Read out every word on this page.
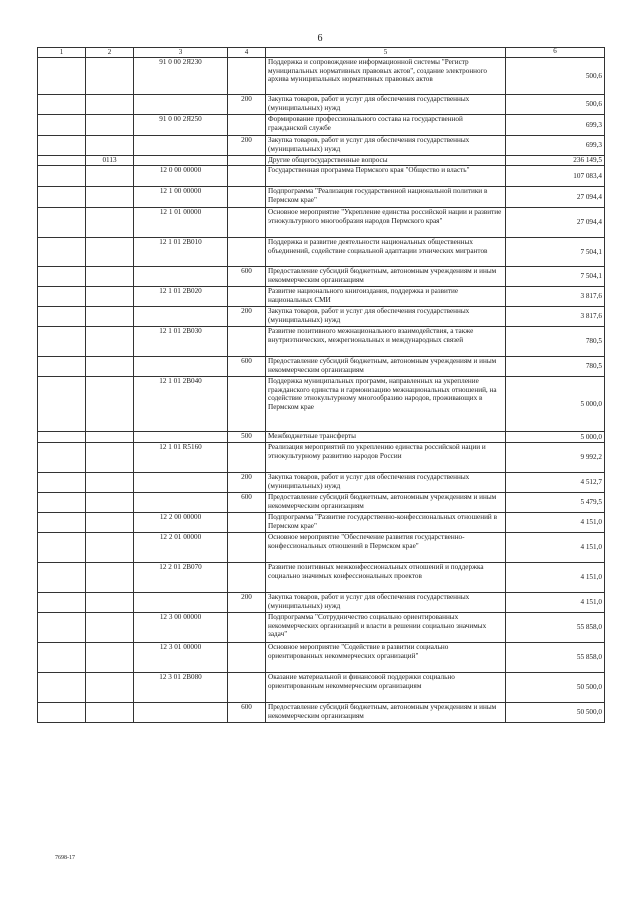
6
1	2	3	4	5	6
		91 0 00 2Я230		Поддержка и сопровождение информационной системы "Регистр муниципальных нормативных правовых актов", создание электронного архива муниципальных нормативных правовых актов	500,6
			200	Закупка товаров, работ и услуг для обеспечения государственных (муниципальных) нужд	500,6
		91 0 00 2Я250		Формирование профессионального состава на государственной гражданской службе	699,3
			200	Закупка товаров, работ и услуг для обеспечения государственных (муниципальных) нужд	699,3
	0113			Другие общегосударственные вопросы	236 149,5
		12 0 00 00000		Государственная программа Пермского края "Общество и власть"	107 083,4
		12 1 00 00000		Подпрограмма "Реализация государственной национальной политики в Пермском крае"	27 094,4
		12 1 01 00000		Основное мероприятие "Укрепление единства российской нации и развитие этнокультурного многообразия народов Пермского края"	27 094,4
		12 1 01 2В010		Поддержка и развитие деятельности национальных общественных объединений, содействие социальной адаптации этнических мигрантов	7 504,1
			600	Предоставление субсидий бюджетным, автономным учреждениям и иным некоммерческим организациям	7 504,1
		12 1 01 2В020		Развитие национального книгоиздания, поддержка и развитие национальных СМИ	3 817,6
			200	Закупка товаров, работ и услуг для обеспечения государственных (муниципальных) нужд	3 817,6
		12 1 01 2В030		Развитие позитивного межнационального взаимодействия, а также внутриэтнических, межрегиональных и международных связей	780,5
			600	Предоставление субсидий бюджетным, автономным учреждениям и иным некоммерческим организациям	780,5
		12 1 01 2В040		Поддержка муниципальных программ, направленных на укрепление гражданского единства и гармонизацию межнациональных отношений, на содействие этнокультурному многообразию народов, проживающих в Пермском крае	5 000,0
			500	Межбюджетные трансферты	5 000,0
		12 1 01 R5160		Реализация мероприятий по укреплению единства российской нации и этнокультурному развитию народов России	9 992,2
			200	Закупка товаров, работ и услуг для обеспечения государственных (муниципальных) нужд	4 512,7
			600	Предоставление субсидий бюджетным, автономным учреждениям и иным некоммерческим организациям	5 479,5
		12 2 00 00000		Подпрограмма "Развитие государственно-конфессиональных отношений в Пермском крае"	4 151,0
		12 2 01 00000		Основное мероприятие "Обеспечение развития государственно-конфессиональных отношений в Пермском крае"	4 151,0
		12 2 01 2В070		Развитие позитивных межконфессиональных отношений и поддержка социально значимых конфессиональных проектов	4 151,0
			200	Закупка товаров, работ и услуг для обеспечения государственных (муниципальных) нужд	4 151,0
		12 3 00 00000		Подпрограмма "Сотрудничество социально ориентированных некоммерческих организаций и власти в решении социально значимых задач"	55 858,0
		12 3 01 00000		Основное мероприятие "Содействие в развитии социально ориентированных некоммерческих организаций"	55 858,0
		12 3 01 2В080		Оказание материальной и финансовой поддержки социально ориентированным некоммерческим организациям	50 500,0
			600	Предоставление субсидий бюджетным, автономным учреждениям и иным некоммерческим организациям	50 500,0
7698-17
